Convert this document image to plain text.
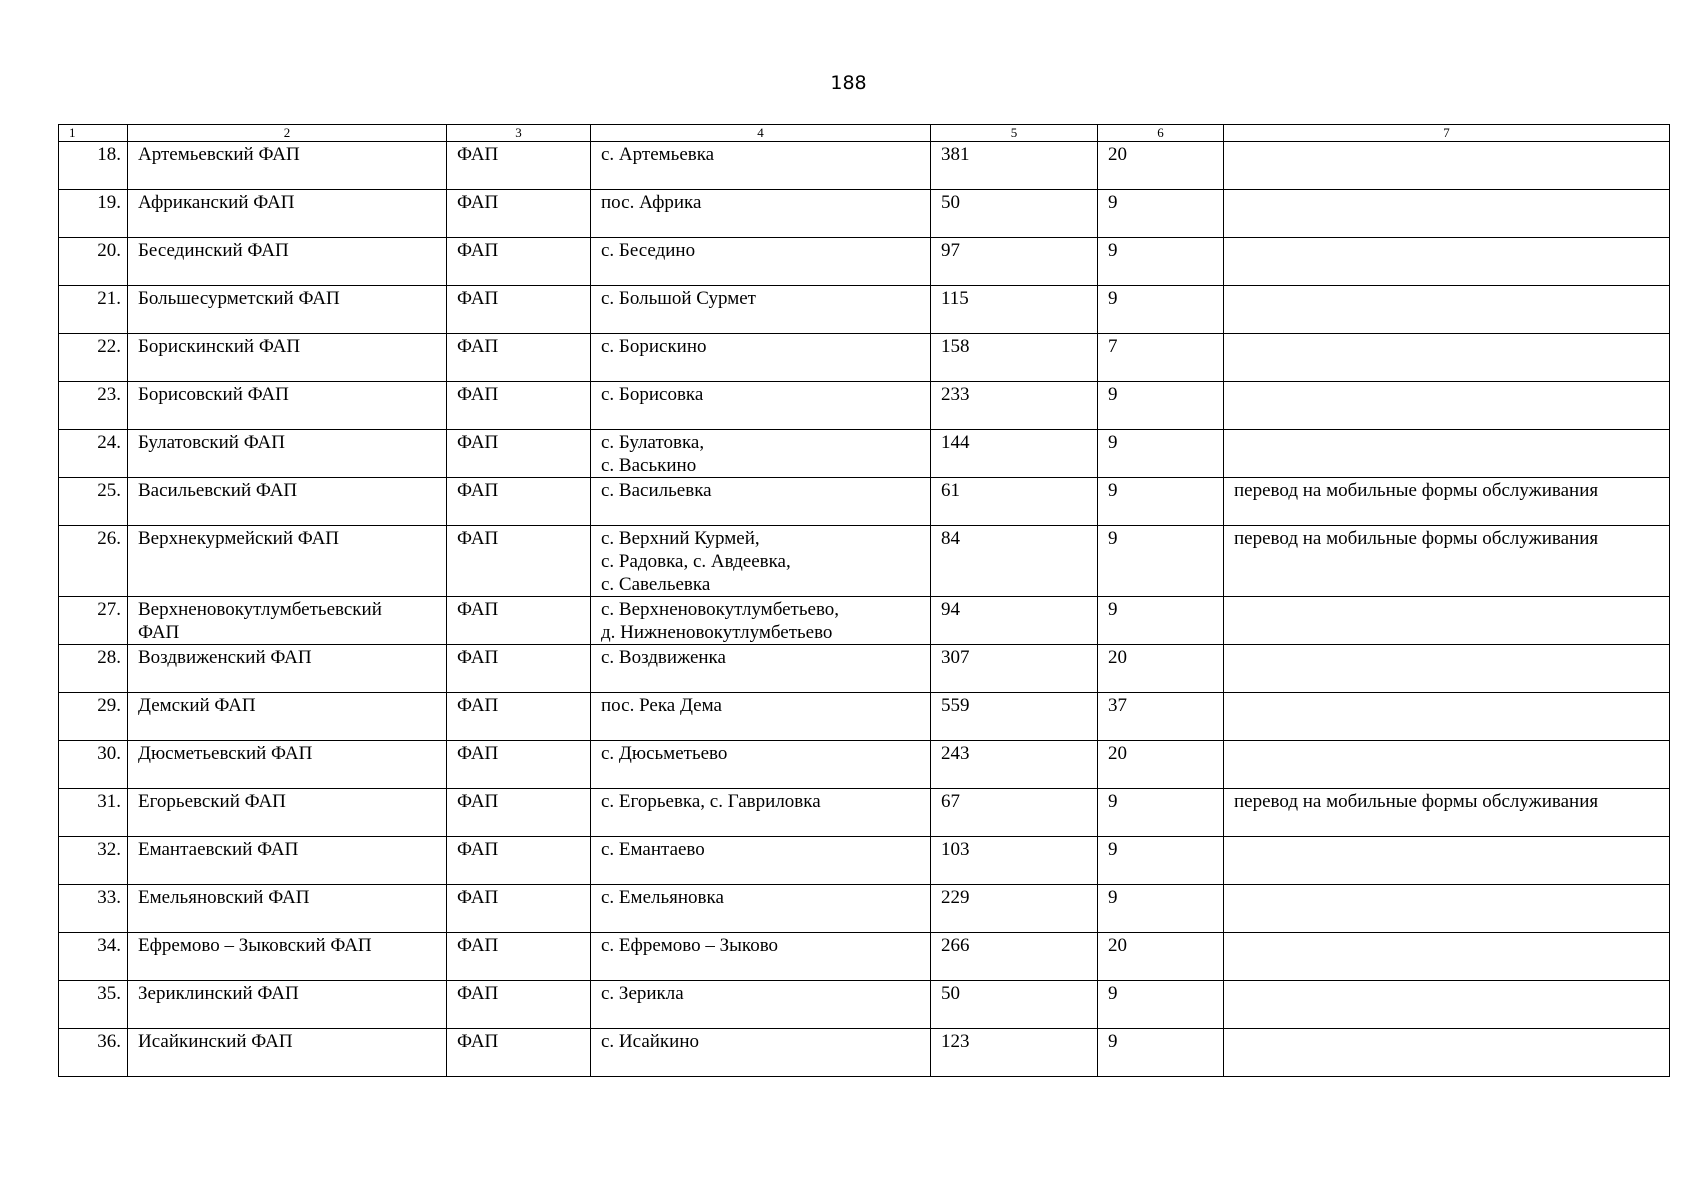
188
1	2	3	4	5	6	7
18.	Артемьевский ФАП	ФАП	с. Артемьевка	381	20	
19.	Африканский ФАП	ФАП	пос. Африка	50	9	
20.	Бесединский ФАП	ФАП	с. Беседино	97	9	
21.	Большесурметский ФАП	ФАП	с. Большой Сурмет	115	9	
22.	Борискинский ФАП	ФАП	с. Борискино	158	7	
23.	Борисовский ФАП	ФАП	с. Борисовка	233	9	
24.	Булатовский ФАП	ФАП	с. Булатовка,
с. Васькино	144	9	
25.	Васильевский ФАП	ФАП	с. Васильевка	61	9	перевод на мобильные формы обслуживания
26.	Верхнекурмейский ФАП	ФАП	с. Верхний Курмей,
с. Радовка, с. Авдеевка,
с. Савельевка	84	9	перевод на мобильные формы обслуживания
27.	Верхненовокутлумбетьевский
ФАП	ФАП	с. Верхненовокутлумбетьево,
д. Нижненовокутлумбетьево	94	9	
28.	Воздвиженский ФАП	ФАП	с. Воздвиженка	307	20	
29.	Демский ФАП	ФАП	пос. Река Дема	559	37	
30.	Дюсметьевский ФАП	ФАП	с. Дюсьметьево	243	20	
31.	Егорьевский ФАП	ФАП	с. Егорьевка, с. Гавриловка	67	9	перевод на мобильные формы обслуживания
32.	Емантаевский ФАП	ФАП	с. Емантаево	103	9	
33.	Емельяновский ФАП	ФАП	с. Емельяновка	229	9	
34.	Ефремово – Зыковский ФАП	ФАП	с. Ефремово – Зыково	266	20	
35.	Зериклинский ФАП	ФАП	с. Зерикла	50	9	
36.	Исайкинский ФАП	ФАП	с. Исайкино	123	9	
